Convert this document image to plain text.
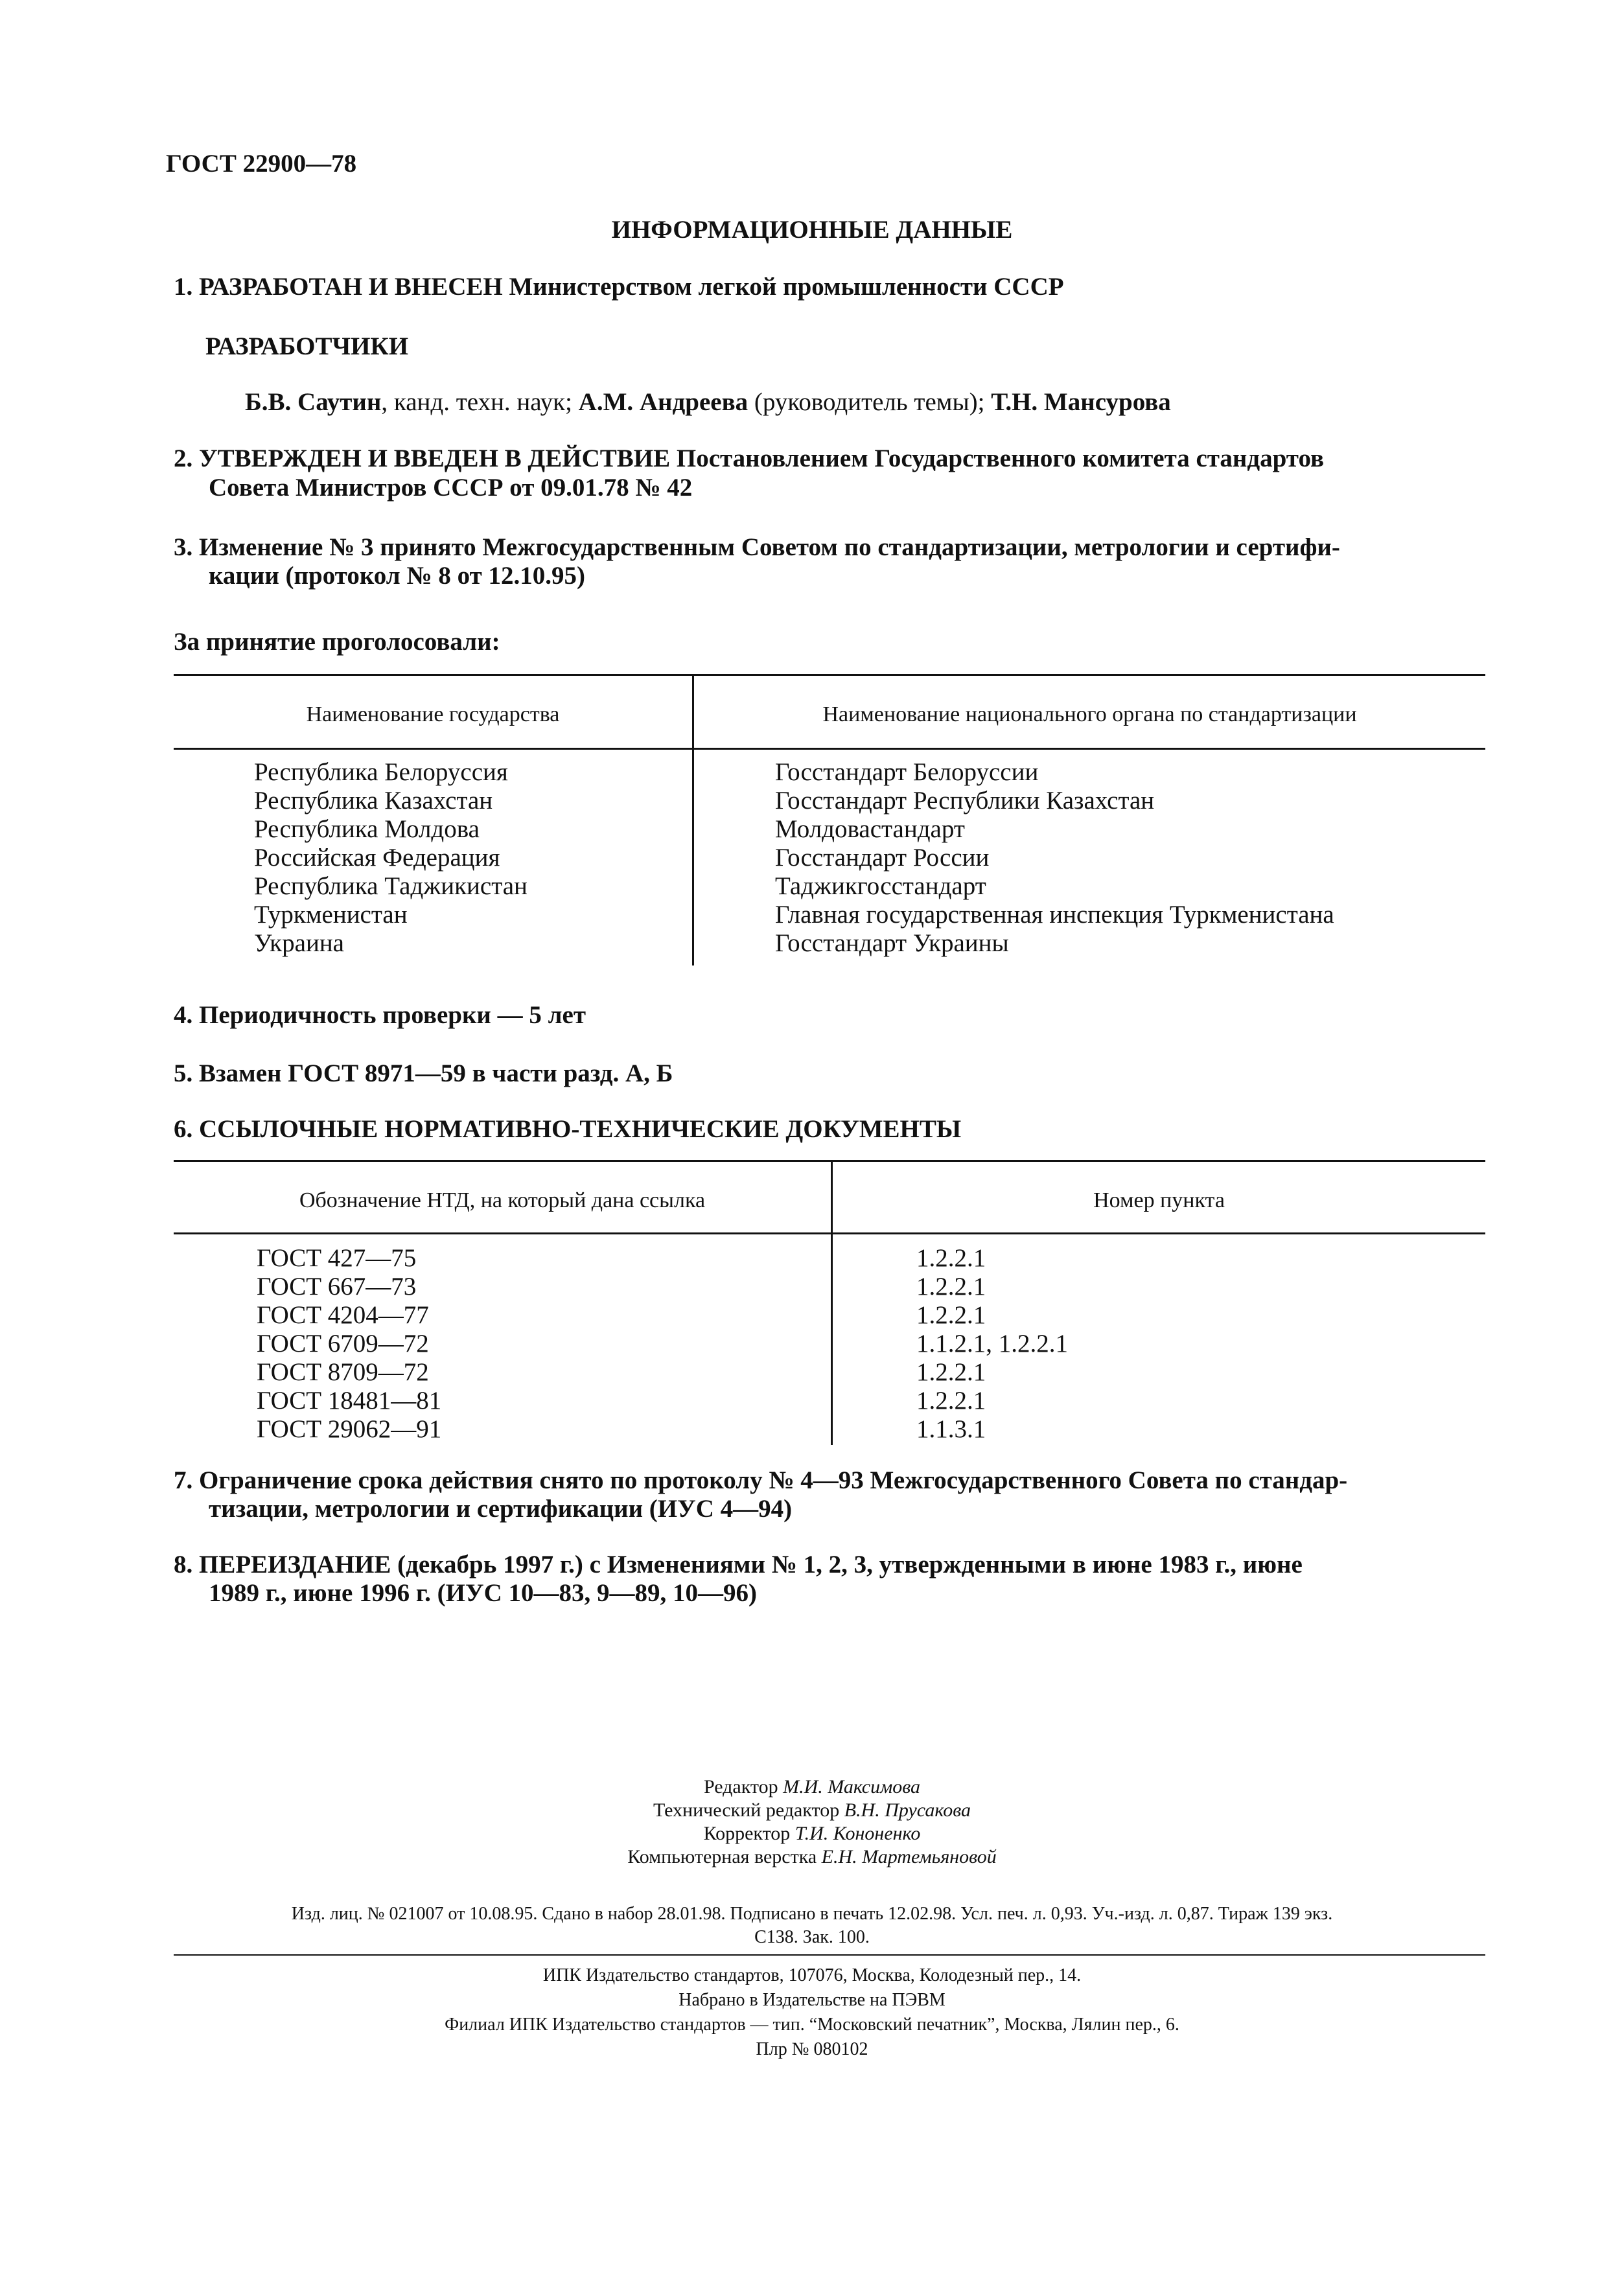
ГОСТ 22900—78
ИНФОРМАЦИОННЫЕ ДАННЫЕ
1. РАЗРАБОТАН И ВНЕСЕН Министерством легкой промышленности СССР
РАЗРАБОТЧИКИ
Б.В. Саутин, канд. техн. наук; А.М. Андреева (руководитель темы); Т.Н. Мансурова
2. УТВЕРЖДЕН И ВВЕДЕН В ДЕЙСТВИЕ Постановлением Государственного комитета стандартов
Совета Министров СССР от 09.01.78 № 42
3. Изменение № 3 принято Межгосударственным Советом по стандартизации, метрологии и сертифи-
кации (протокол № 8 от 12.10.95)
За принятие проголосовали:
Наименование государства	Наименование национального органа по стандартизации
Республика Белоруссия
Республика Казахстан
Республика Молдова
Российская Федерация
Республика Таджикистан
Туркменистан
Украина
Госстандарт Белоруссии
Госстандарт Республики Казахстан
Молдовастандарт
Госстандарт России
Таджикгосстандарт
Главная государственная инспекция Туркменистана
Госстандарт Украины
4. Периодичность проверки — 5 лет
5. Взамен ГОСТ 8971—59 в части разд. А, Б
6. ССЫЛОЧНЫЕ НОРМАТИВНО-ТЕХНИЧЕСКИЕ ДОКУМЕНТЫ
Обозначение НТД, на который дана ссылка	Номер пункта
ГОСТ 427—75
ГОСТ 667—73
ГОСТ 4204—77
ГОСТ 6709—72
ГОСТ 8709—72
ГОСТ 18481—81
ГОСТ 29062—91
1.2.2.1
1.2.2.1
1.2.2.1
1.1.2.1, 1.2.2.1
1.2.2.1
1.2.2.1
1.1.3.1
7. Ограничение срока действия снято по протоколу № 4—93 Межгосударственного Совета по стандар-
тизации, метрологии и сертификации (ИУС 4—94)
8. ПЕРЕИЗДАНИЕ (декабрь 1997 г.) с Изменениями № 1, 2, 3, утвержденными в июне 1983 г., июне
1989 г., июне 1996 г. (ИУС 10—83, 9—89, 10—96)
Редактор М.И. Максимова
Технический редактор В.Н. Прусакова
Корректор Т.И. Кононенко
Компьютерная верстка Е.Н. Мартемьяновой
Изд. лиц. № 021007 от 10.08.95. Сдано в набор 28.01.98. Подписано в печать 12.02.98. Усл. печ. л. 0,93. Уч.-изд. л. 0,87. Тираж 139 экз.
С138. Зак. 100.
ИПК Издательство стандартов, 107076, Москва, Колодезный пер., 14.
Набрано в Издательстве на ПЭВМ
Филиал ИПК Издательство стандартов — тип. “Московский печатник”, Москва, Лялин пер., 6.
Плр № 080102
